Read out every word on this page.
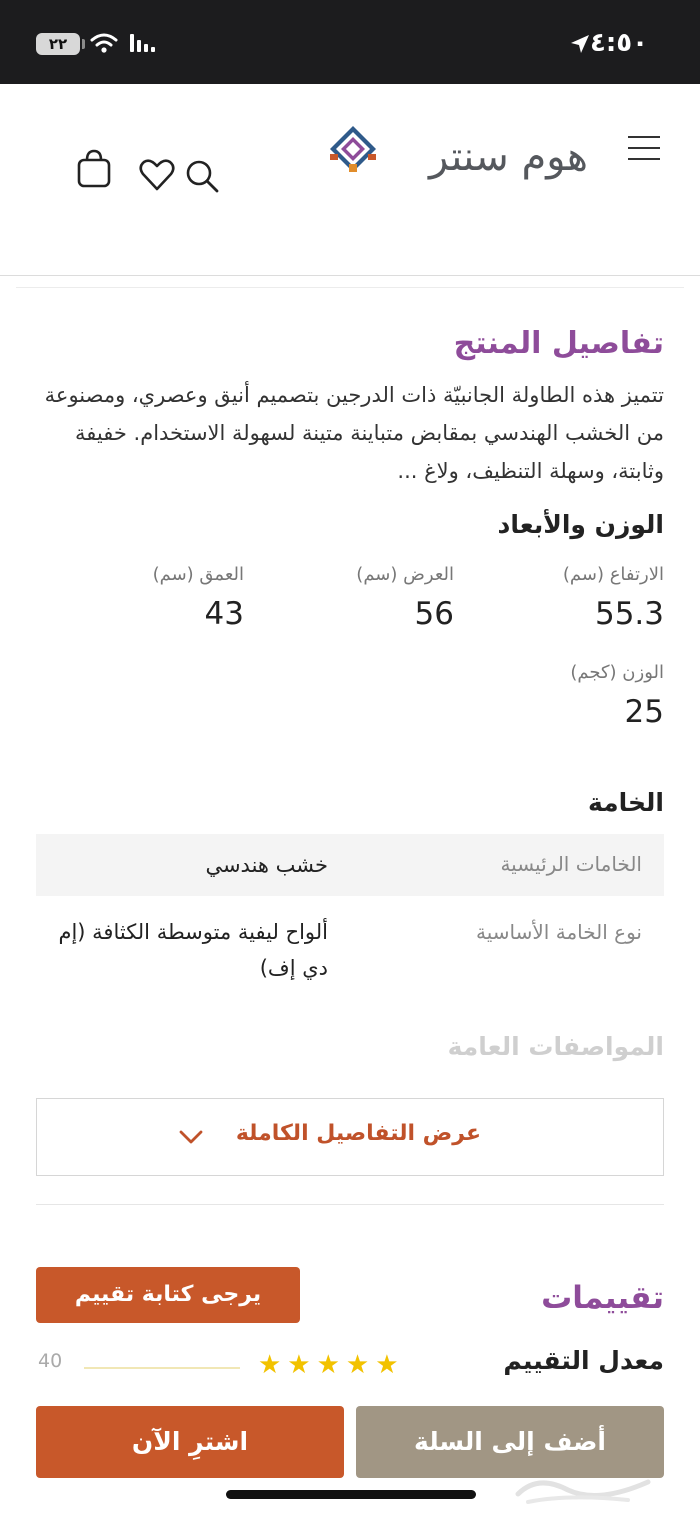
٤:٥٠
٢٢
هوم سنتر
تفاصيل المنتج
تتميز هذه الطاولة الجانبيّة ذات الدرجين بتصميم أنيق وعصري، ومصنوعة من الخشب الهندسي بمقابض متباينة متينة لسهولة الاستخدام. خفيفة وثابتة، وسهلة التنظيف، ولاغ ...
الوزن والأبعاد
الارتفاع (سم)
55.3
العرض (سم)
56
العمق (سم)
43
الوزن (كجم)
25
الخامة
الخامات الرئيسية
خشب هندسي
نوع الخامة الأساسية
ألواح ليفية متوسطة الكثافة (إم دي إف)
المواصفات العامة
عرض التفاصيل الكاملة
تقييمات
يرجى كتابة تقييم
معدل التقييم
★★★★★
40
اشترِ الآن	أضف إلى السلة
